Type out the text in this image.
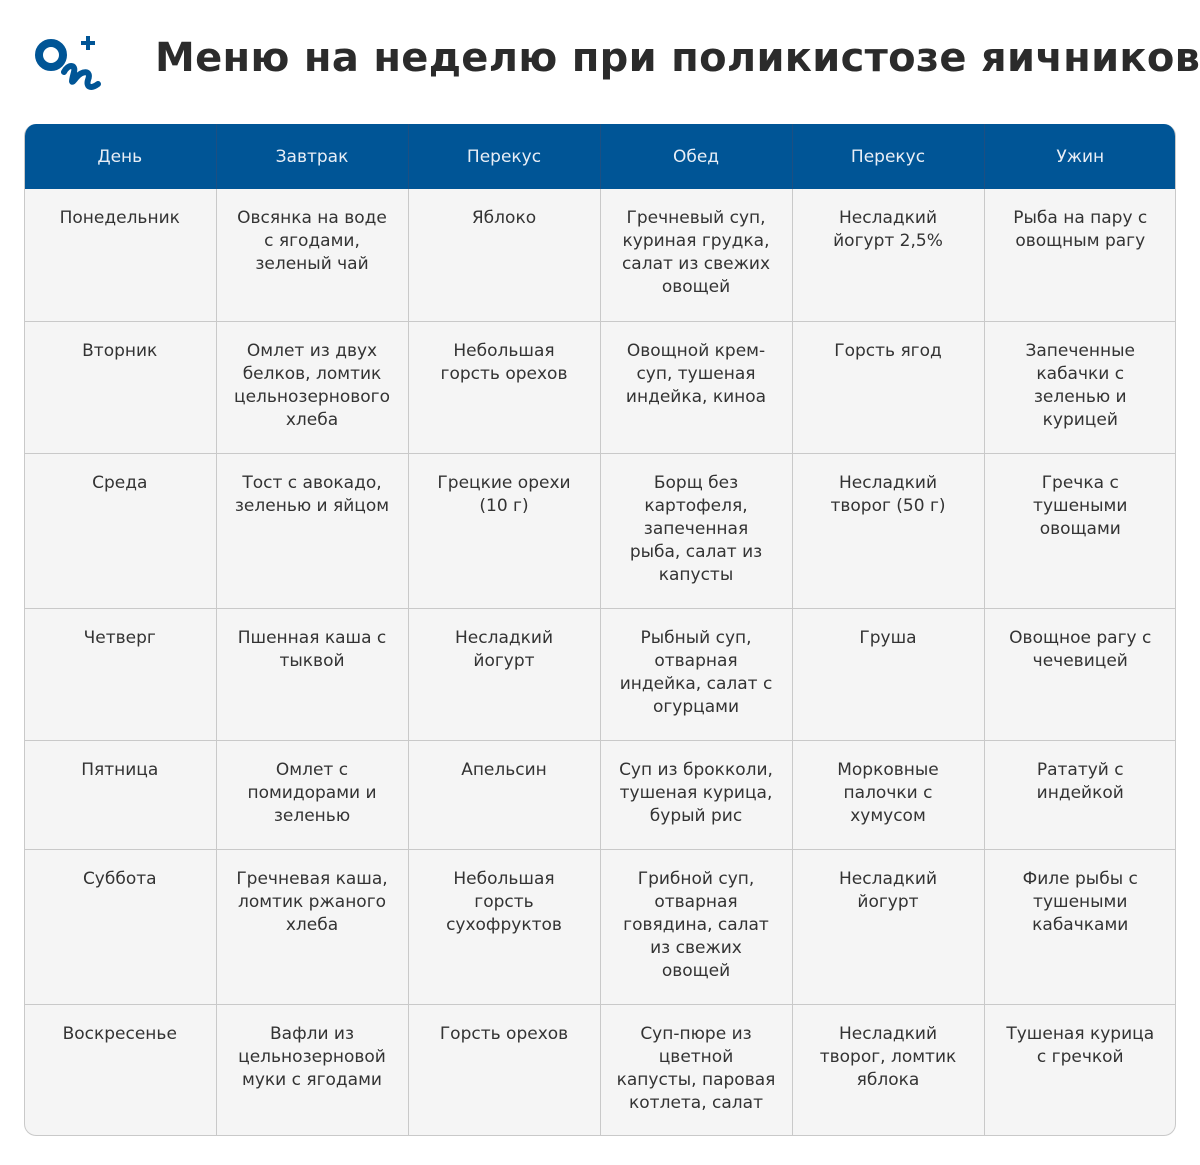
Меню на неделю при поликистозе яичников
День	Завтрак	Перекус	Обед	Перекус	Ужин
Понедельник	Овсянка на воде с ягодами, зеленый чай	Яблоко	Гречневый суп, куриная грудка, салат из свежих овощей	Несладкий йогурт 2,5%	Рыба на пару с овощным рагу
Вторник	Омлет из двух белков, ломтик цельнозернового хлеба	Небольшая горсть орехов	Овощной крем-суп, тушеная индейка, киноа	Горсть ягод	Запеченные кабачки с зеленью и курицей
Среда	Тост с авокадо, зеленью и яйцом	Грецкие орехи (10 г)	Борщ без картофеля, запеченная рыба, салат из капусты	Несладкий творог (50 г)	Гречка с тушеными овощами
Четверг	Пшенная каша с тыквой	Несладкий йогурт	Рыбный суп, отварная индейка, салат с огурцами	Груша	Овощное рагу с чечевицей
Пятница	Омлет с помидорами и зеленью	Апельсин	Суп из брокколи, тушеная курица, бурый рис	Морковные палочки с хумусом	Рататуй с индейкой
Суббота	Гречневая каша, ломтик ржаного хлеба	Небольшая горсть сухофруктов	Грибной суп, отварная говядина, салат из свежих овощей	Несладкий йогурт	Филе рыбы с тушеными кабачками
Воскресенье	Вафли из цельнозерновой муки с ягодами	Горсть орехов	Суп-пюре из цветной капусты, паровая котлета, салат	Несладкий творог, ломтик яблока	Тушеная курица с гречкой
